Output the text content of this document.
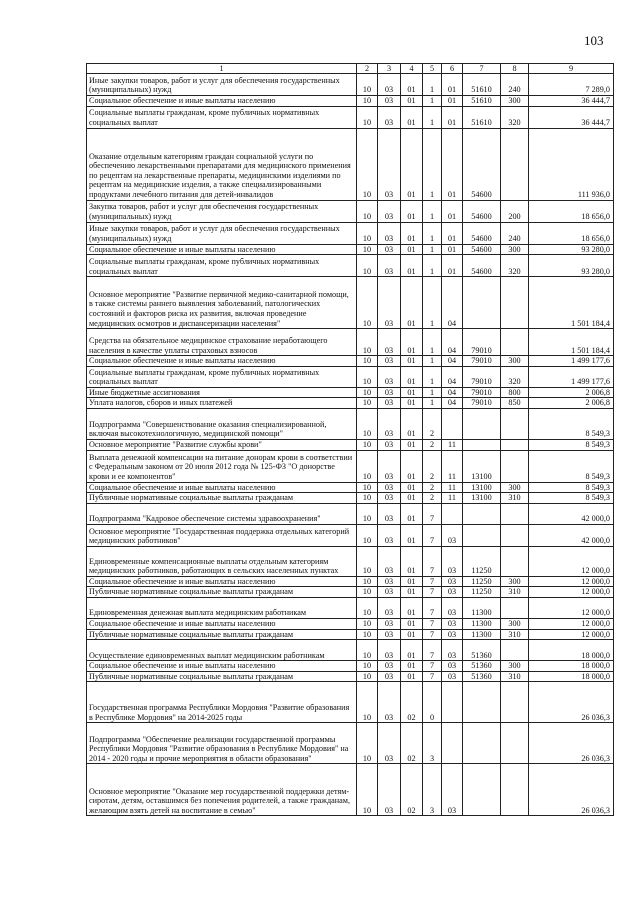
103
1	2	3	4	5	6	7	8	9
Иные закупки товаров, работ и услуг для обеспечения государственных (муниципальных) нужд	10	03	01	1	01	51610	240	7 289,0
Социальное обеспечение и иные выплаты населению	10	03	01	1	01	51610	300	36 444,7
Социальные выплаты гражданам, кроме публичных нормативных социальных выплат	10	03	01	1	01	51610	320	36 444,7
Оказание отдельным категориям граждан социальной услуги по обеспечению лекарственными препаратами для медицинского применения по рецептам на лекарственные препараты, медицинскими изделиями по рецептам на медицинские изделия, а также специализированными продуктами лечебного питания для детей-инвалидов	10	03	01	1	01	54600		111 936,0
Закупка товаров, работ и услуг для обеспечения государственных (муниципальных) нужд	10	03	01	1	01	54600	200	18 656,0
Иные закупки товаров, работ и услуг для обеспечения государственных (муниципальных) нужд	10	03	01	1	01	54600	240	18 656,0
Социальное обеспечение и иные выплаты населению	10	03	01	1	01	54600	300	93 280,0
Социальные выплаты гражданам, кроме публичных нормативных социальных выплат	10	03	01	1	01	54600	320	93 280,0
Основное мероприятие "Развитие первичной медико-санитарной помощи, в также системы раннего выявления заболеваний, патологических состояний и факторов риска их развития, включая проведение медицинских осмотров и диспансеризации населения"	10	03	01	1	04			1 501 184,4
Средства на обязательное медицинское страхование неработающего населения в качестве уплаты страховых взносов	10	03	01	1	04	79010		1 501 184,4
Социальное обеспечение и иные выплаты населению	10	03	01	1	04	79010	300	1 499 177,6
Социальные выплаты гражданам, кроме публичных нормативных социальных выплат	10	03	01	1	04	79010	320	1 499 177,6
Иные бюджетные ассигнования	10	03	01	1	04	79010	800	2 006,8
Уплата налогов, сборов и иных платежей	10	03	01	1	04	79010	850	2 006,8
Подпрограмма "Совершенствование оказания специализированной, включая высокотехнологичную, медицинской помощи"	10	03	01	2				8 549,3
Основное мероприятие "Развитие службы крови"	10	03	01	2	11			8 549,3
Выплата денежной компенсации на питание донорам крови в соответствии с Федеральным законом от 20 июля 2012 года № 125-ФЗ "О донорстве крови и ее компонентов"	10	03	01	2	11	13100		8 549,3
Социальное обеспечение и иные выплаты населению	10	03	01	2	11	13100	300	8 549,3
Публичные нормативные социальные выплаты гражданам	10	03	01	2	11	13100	310	8 549,3
Подпрограмма "Кадровое обеспечение системы здравоохранения"	10	03	01	7				42 000,0
Основное мероприятие "Государственная поддержка отдельных категорий медицинских работников"	10	03	01	7	03			42 000,0
Единовременные компенсационные выплаты отдельным категориям медицинских работников, работающих в сельских населенных пунктах	10	03	01	7	03	11250		12 000,0
Социальное обеспечение и иные выплаты населению	10	03	01	7	03	11250	300	12 000,0
Публичные нормативные социальные выплаты гражданам	10	03	01	7	03	11250	310	12 000,0
Единовременная денежная выплата медицинским работникам	10	03	01	7	03	11300		12 000,0
Социальное обеспечение и иные выплаты населению	10	03	01	7	03	11300	300	12 000,0
Публичные нормативные социальные выплаты гражданам	10	03	01	7	03	11300	310	12 000,0
Осуществление единовременных выплат медицинским работникам	10	03	01	7	03	51360		18 000,0
Социальное обеспечение и иные выплаты населению	10	03	01	7	03	51360	300	18 000,0
Публичные нормативные социальные выплаты гражданам	10	03	01	7	03	51360	310	18 000,0
Государственная программа Республики Мордовия "Развитие образования в Республике Мордовия" на 2014-2025 годы	10	03	02	0				26 036,3
Подпрограмма "Обеспечение реализации государственной программы Республики Мордовия "Развитие образования в Республике Мордовия" на 2014 - 2020 годы и прочие мероприятия в области образования"	10	03	02	3				26 036,3
Основное мероприятие "Оказание мер государственной поддержки детям-сиротам, детям, оставшимся без попечения родителей, а также гражданам, желающим взять детей на воспитание в семью"	10	03	02	3	03			26 036,3
